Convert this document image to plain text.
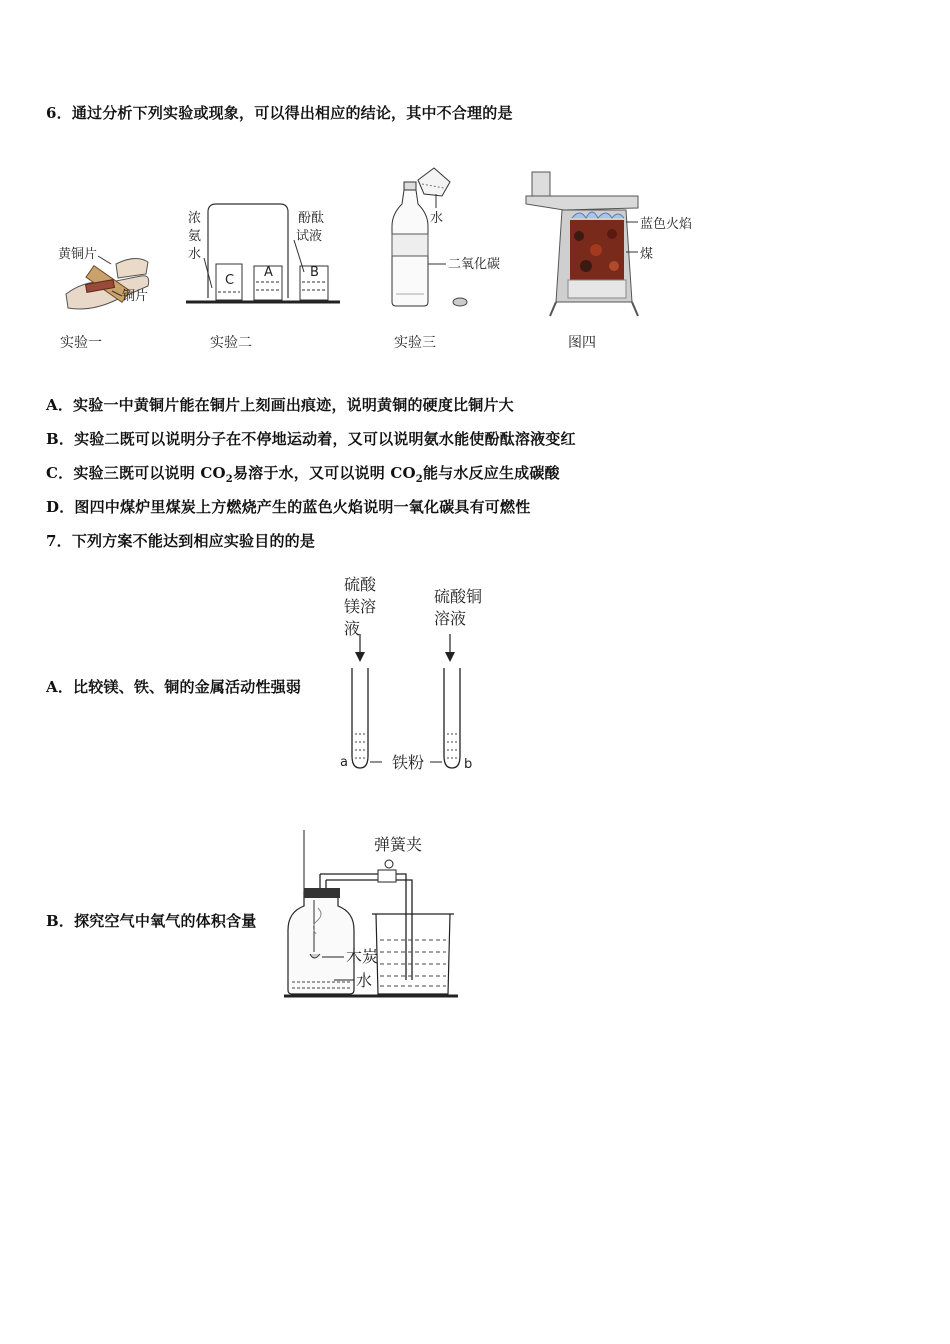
6．通过分析下列实验或现象，可以得出相应的结论，其中不合理的是
黄铜片
铜片
实验一
浓
氨
水
酚酞
试液
C
A	B
实验二
水
二氧化碳
实验三
蓝色火焰
煤
图四
A．实验一中黄铜片能在铜片上刻画出痕迹，说明黄铜的硬度比铜片大
B．实验二既可以说明分子在不停地运动着，又可以说明氨水能使酚酞溶液变红
C．实验三既可以说明 $CO_2$易溶于水，又可以说明 $CO_2$能与水反应生成碳酸
D．图四中煤炉里煤炭上方燃烧产生的蓝色火焰说明一氧化碳具有可燃性
7．下列方案不能达到相应实验目的的是
A．比较镁、铁、铜的金属活动性强弱
硫酸
镁溶
液
硫酸铜
溶液
a	b
铁粉
B．探究空气中氧气的体积含量
弹簧夹
木炭
水
